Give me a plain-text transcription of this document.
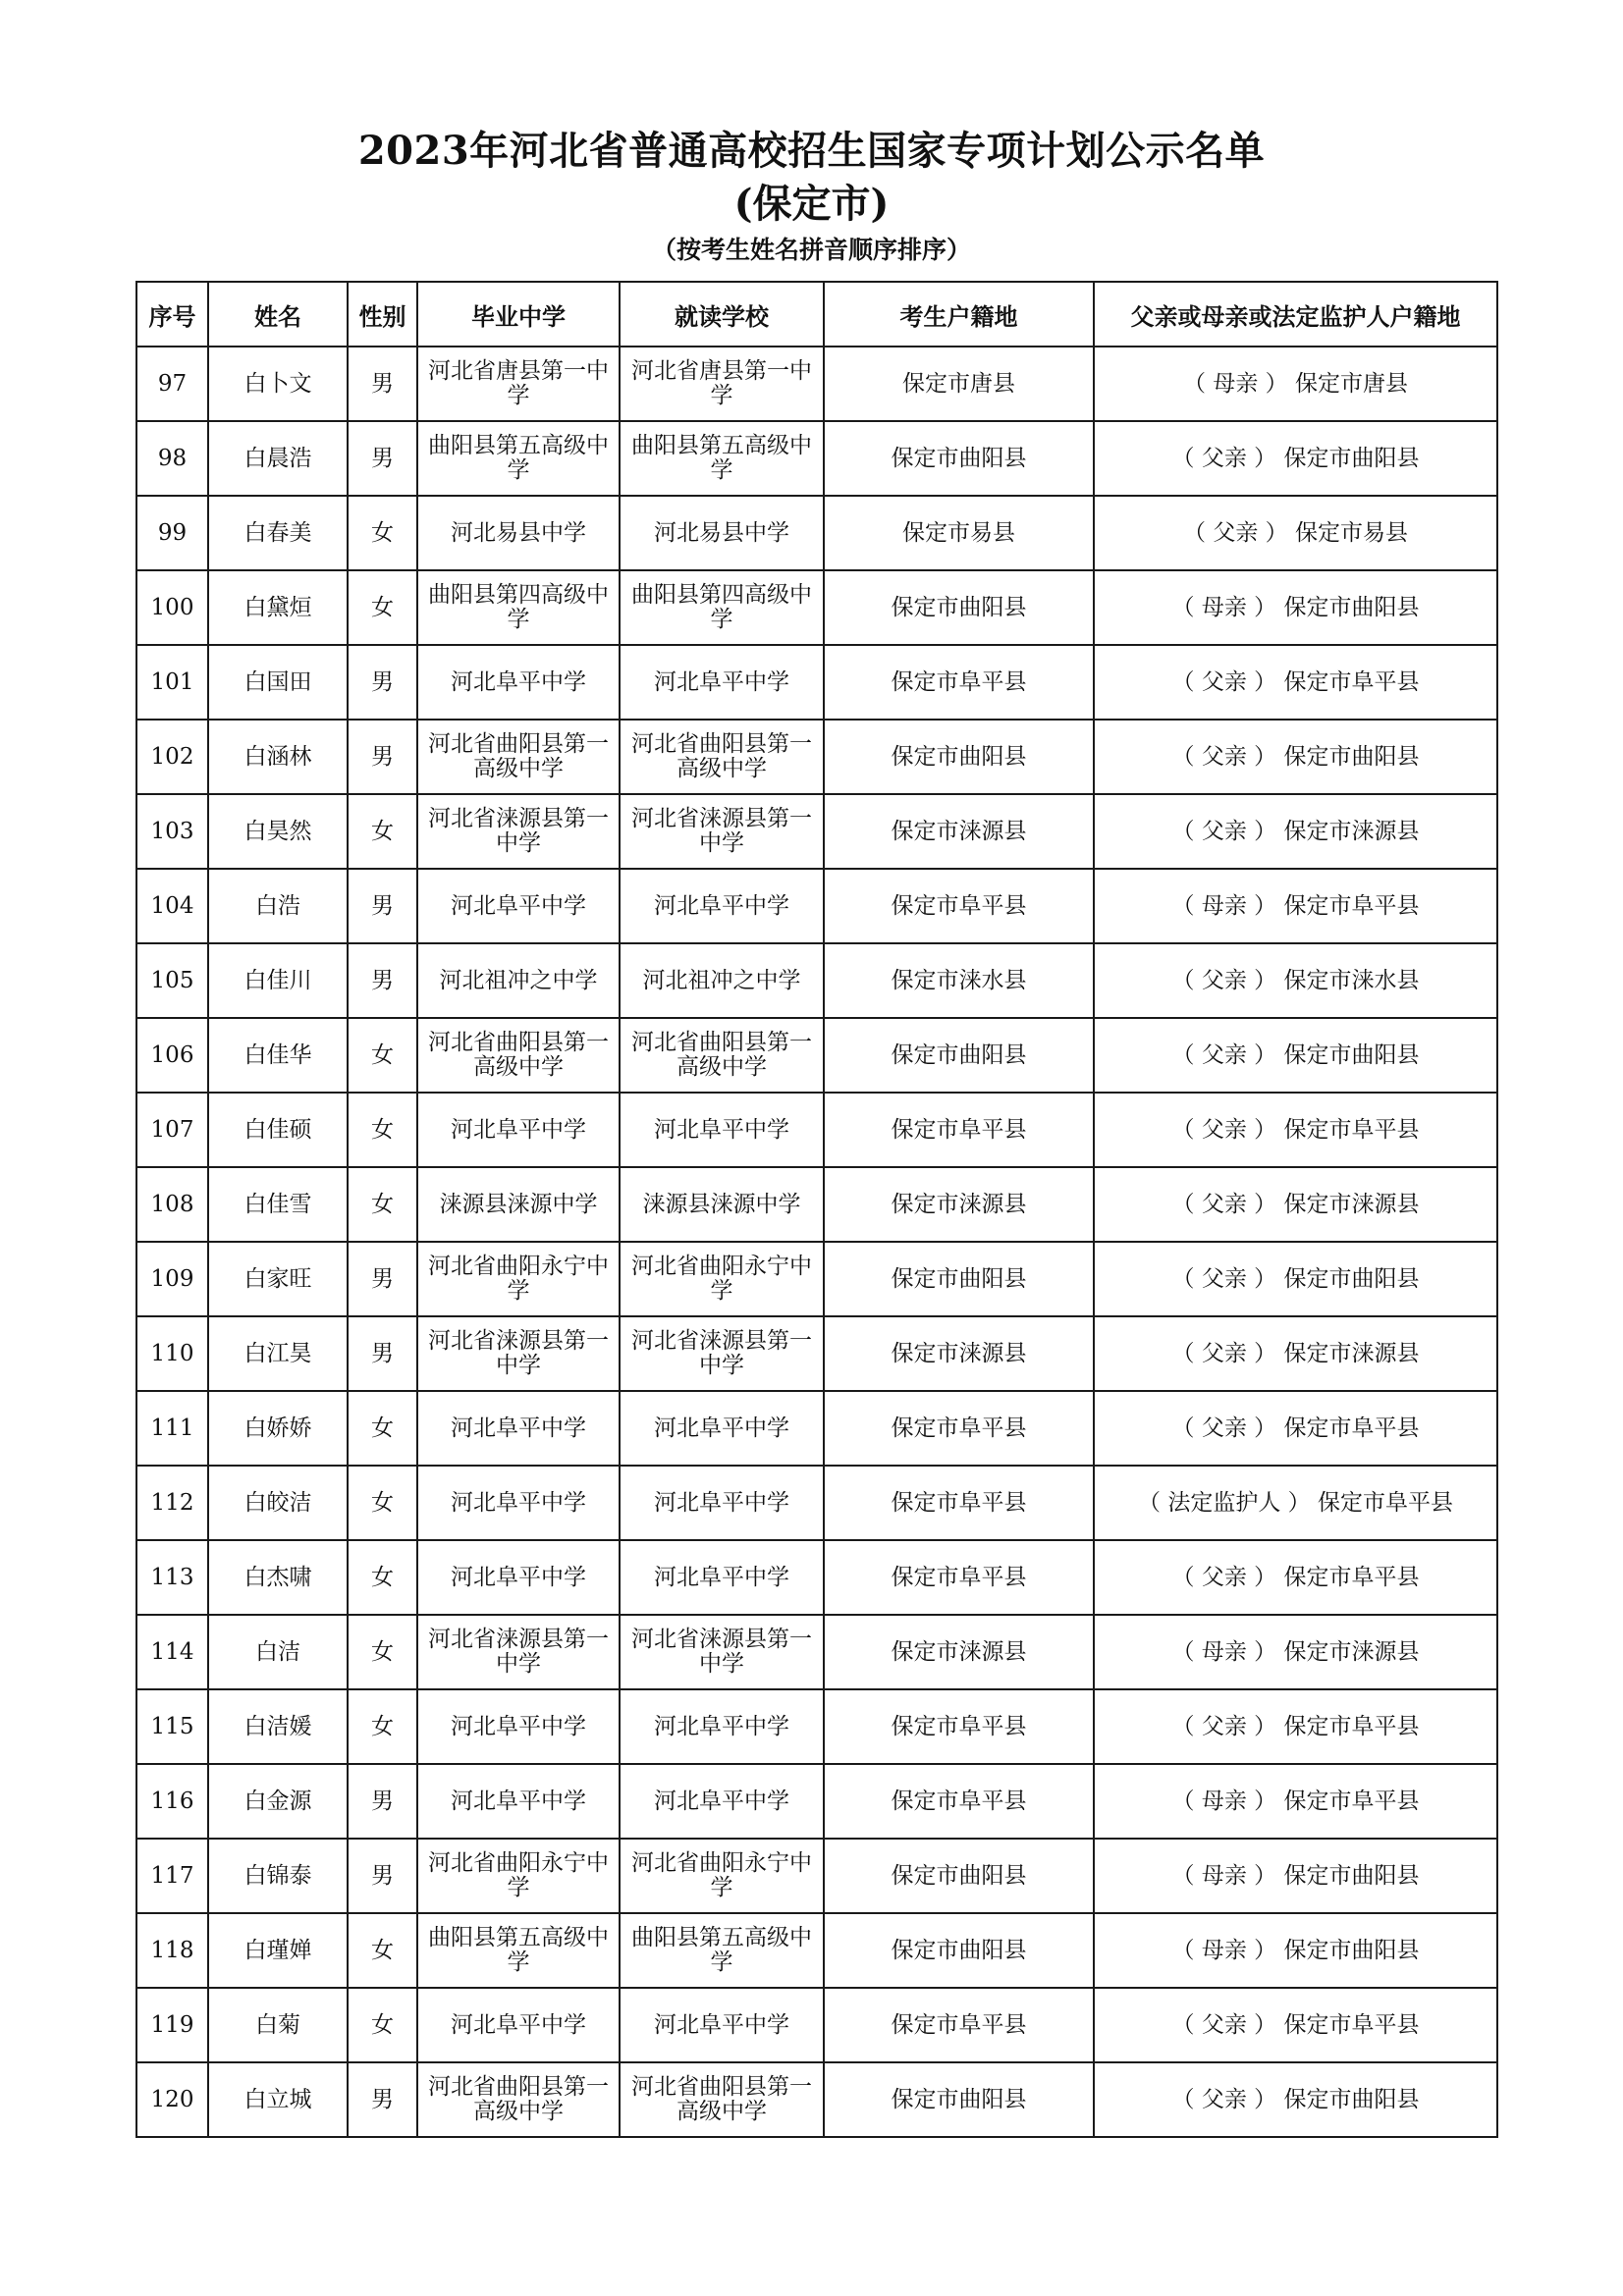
2023年河北省普通高校招生国家专项计划公示名单
(保定市)
（按考生姓名拼音顺序排序）
序号	姓名	性别	毕业中学	就读学校	考生户籍地	父亲或母亲或法定监护人户籍地
97	白卜文	男	河北省唐县第一中学	河北省唐县第一中学	保定市唐县	（ 母亲 ） 保定市唐县
98	白晨浩	男	曲阳县第五高级中学	曲阳县第五高级中学	保定市曲阳县	（ 父亲 ） 保定市曲阳县
99	白春美	女	河北易县中学	河北易县中学	保定市易县	（ 父亲 ） 保定市易县
100	白黛烜	女	曲阳县第四高级中学	曲阳县第四高级中学	保定市曲阳县	（ 母亲 ） 保定市曲阳县
101	白国田	男	河北阜平中学	河北阜平中学	保定市阜平县	（ 父亲 ） 保定市阜平县
102	白涵林	男	河北省曲阳县第一高级中学	河北省曲阳县第一高级中学	保定市曲阳县	（ 父亲 ） 保定市曲阳县
103	白昊然	女	河北省涞源县第一中学	河北省涞源县第一中学	保定市涞源县	（ 父亲 ） 保定市涞源县
104	白浩	男	河北阜平中学	河北阜平中学	保定市阜平县	（ 母亲 ） 保定市阜平县
105	白佳川	男	河北祖冲之中学	河北祖冲之中学	保定市涞水县	（ 父亲 ） 保定市涞水县
106	白佳华	女	河北省曲阳县第一高级中学	河北省曲阳县第一高级中学	保定市曲阳县	（ 父亲 ） 保定市曲阳县
107	白佳硕	女	河北阜平中学	河北阜平中学	保定市阜平县	（ 父亲 ） 保定市阜平县
108	白佳雪	女	涞源县涞源中学	涞源县涞源中学	保定市涞源县	（ 父亲 ） 保定市涞源县
109	白家旺	男	河北省曲阳永宁中学	河北省曲阳永宁中学	保定市曲阳县	（ 父亲 ） 保定市曲阳县
110	白江昊	男	河北省涞源县第一中学	河北省涞源县第一中学	保定市涞源县	（ 父亲 ） 保定市涞源县
111	白娇娇	女	河北阜平中学	河北阜平中学	保定市阜平县	（ 父亲 ） 保定市阜平县
112	白皎洁	女	河北阜平中学	河北阜平中学	保定市阜平县	（ 法定监护人 ） 保定市阜平县
113	白杰啸	女	河北阜平中学	河北阜平中学	保定市阜平县	（ 父亲 ） 保定市阜平县
114	白洁	女	河北省涞源县第一中学	河北省涞源县第一中学	保定市涞源县	（ 母亲 ） 保定市涞源县
115	白洁媛	女	河北阜平中学	河北阜平中学	保定市阜平县	（ 父亲 ） 保定市阜平县
116	白金源	男	河北阜平中学	河北阜平中学	保定市阜平县	（ 母亲 ） 保定市阜平县
117	白锦泰	男	河北省曲阳永宁中学	河北省曲阳永宁中学	保定市曲阳县	（ 母亲 ） 保定市曲阳县
118	白瑾婵	女	曲阳县第五高级中学	曲阳县第五高级中学	保定市曲阳县	（ 母亲 ） 保定市曲阳县
119	白菊	女	河北阜平中学	河北阜平中学	保定市阜平县	（ 父亲 ） 保定市阜平县
120	白立城	男	河北省曲阳县第一高级中学	河北省曲阳县第一高级中学	保定市曲阳县	（ 父亲 ） 保定市曲阳县
